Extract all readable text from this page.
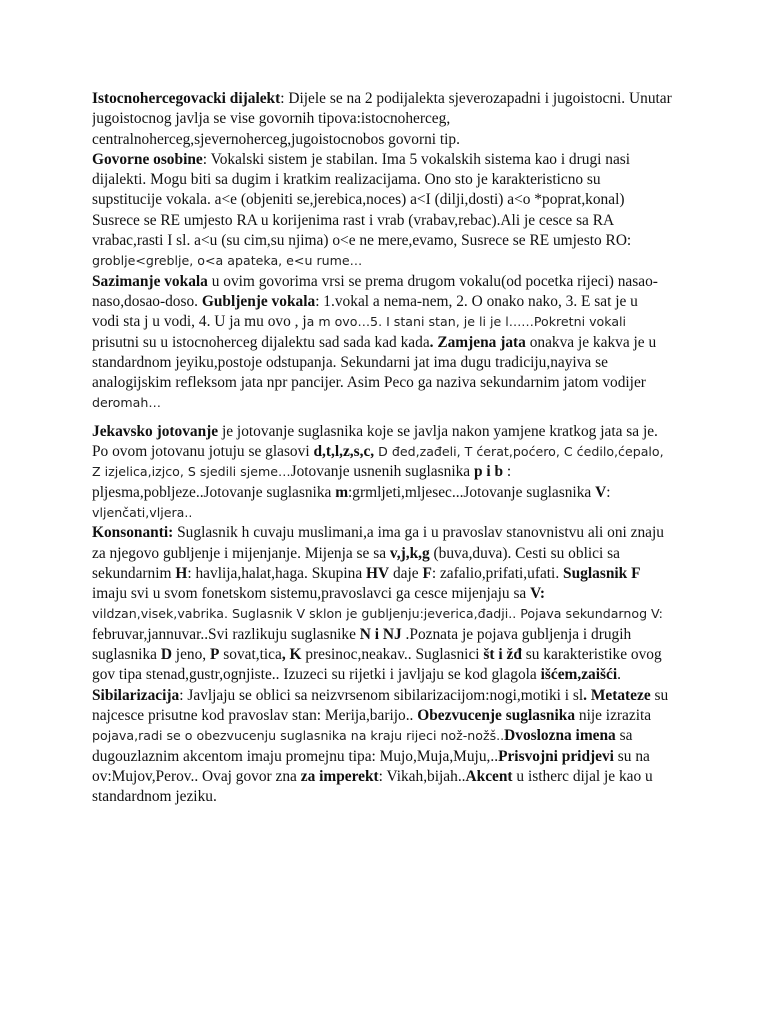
Istocnohercegovacki dijalekt: Dijele se na 2 podijalekta sjeverozapadni i jugoistocni. Unutar
jugoistocnog javlja se vise govornih tipova:istocnoherceg,
centralnoherceg,sjevernoherceg,jugoistocnobos govorni tip.
Govorne osobine: Vokalski sistem je stabilan. Ima 5 vokalskih sistema kao i drugi nasi
dijalekti. Mogu biti sa dugim i kratkim realizacijama. Ono sto je karakteristicno su
supstitucije vokala. a<e (objeniti se,jerebica,noces) a<I (dilji,dosti) a<o *poprat,konal)
Susrece se RE umjesto RA u korijenima rast i vrab (vrabav,rebac).Ali je cesce sa RA
vrabac,rasti I sl. a<u (su cim,su njima) o<e ne mere,evamo, Susrece se RE umjesto RO:
groblje<greblje, o<a apateka, e<u rume…
Sazimanje vokala u ovim govorima vrsi se prema drugom vokalu(od pocetka rijeci) nasao-
naso,dosao-doso. Gubljenje vokala: 1.vokal a nema-nem, 2. O onako nako, 3. E sat je u
vodi sta j u vodi, 4. U ja mu ovo , ja m ovo…5. I stani stan, je li je l……Pokretni vokali
prisutni su u istocnoherceg dijalektu sad sada kad kada. Zamjena jata onakva je kakva je u
standardnom jeyiku,postoje odstupanja. Sekundarni jat ima dugu tradiciju,nayiva se
analogijskim refleksom jata npr pancijer. Asim Peco ga naziva sekundarnim jatom vodijer
deromah…
Jekavsko jotovanje je jotovanje suglasnika koje se javlja nakon yamjene kratkog jata sa je.
Po ovom jotovanu jotuju se glasovi d,t,l,z,s,c, D đed,zađeli, T ćerat,poćero, C ćedilo,ćepalo,
Z izjelica,izjco, S sjedili sjeme…Jotovanje usnenih suglasnika p i b :
pljesma,pobljeze..Jotovanje suglasnika m:grmljeti,mljesec...Jotovanje suglasnika V:
vljenčati,vljera..
Konsonanti: Suglasnik h cuvaju muslimani,a ima ga i u pravoslav stanovnistvu ali oni znaju
za njegovo gubljenje i mijenjanje. Mijenja se sa v,j,k,g (buva,duva). Cesti su oblici sa
sekundarnim H: havlija,halat,haga. Skupina HV daje F: zafalio,prifati,ufati. Suglasnik F
imaju svi u svom fonetskom sistemu,pravoslavci ga cesce mijenjaju sa V:
vildzan,visek,vabrika. Suglasnik V sklon je gubljenju:jeverica,đadji.. Pojava sekundarnog V:
februvar,jannuvar..Svi razlikuju suglasnike N i NJ .Poznata je pojava gubljenja i drugih
suglasnika D jeno, P sovat,tica, K presinoc,neakav.. Suglasnici št i žđ su karakteristike ovog
gov tipa stenad,gustr,ognjiste.. Izuzeci su rijetki i javljaju se kod glagola išćem,zaišći.
Sibilarizacija: Javljaju se oblici sa neizvrsenom sibilarizacijom:nogi,motiki i sl. Metateze su
najcesce prisutne kod pravoslav stan: Merija,barijo.. Obezvucenje suglasnika nije izrazita
pojava,radi se o obezvucenju suglasnika na kraju rijeci nož-nožš..Dvoslozna imena sa
dugouzlaznim akcentom imaju promejnu tipa: Mujo,Muja,Muju,..Prisvojni pridjevi su na
ov:Mujov,Perov.. Ovaj govor zna za imperekt: Vikah,bijah..Akcent u istherc dijal je kao u
standardnom jeziku.
